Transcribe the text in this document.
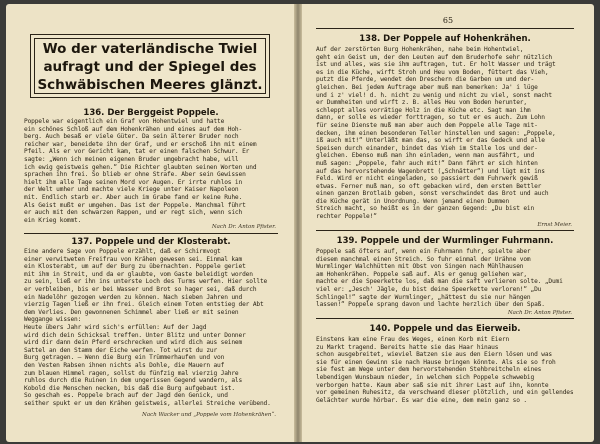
Wo der vaterländische Twiel
aufragt und der Spiegel des
Schwäbischen Meeres glänzt.
136. Der Berggeist Poppele.
Poppele war eigentlich ein Graf von Hohentwiel und hatte
ein schönes Schloß auf dem Hohenkrähen und eines auf dem Hoh-
berg. Auch besaß er viele Güter. Da sein älterer Bruder noch
reicher war, beneidete ihn der Graf, und er erschoß ihn mit einem
Pfeil. Als er vor Gericht kam, tat er einen falschen Schwur. Er
sagte: „Wenn ich meinen eigenen Bruder umgebracht habe, will
ich ewig geistweis gehen.“ Die Richter glaubten seinen Worten und
sprachen ihn frei. So blieb er ohne Strafe. Aber sein Gewissen
hielt ihm alle Tage seinen Mord vor Augen. Er irrte ruhlos in
der Welt umher und machte viele Kriege unter Kaiser Napoleon
mit. Endlich starb er. Aber auch im Grabe fand er keine Ruhe.
Als Geist mußt er umgehen. Das ist der Poppele. Manchmal führt
er auch mit den schwarzen Rappen, und er regt sich, wenn sich
ein Krieg kommt.
Nach Dr. Anton Pfister.
137. Poppele und der Klosterabt.
Eine andere Sage von Poppele erzählt, daß er Schirmvogt
einer verwitweten Freifrau von Krähen gewesen sei. Einmal kam
ein Klosterabt, um auf der Burg zu übernachten. Poppele geriet
mit ihm in Streit, und da er glaubte, vom Gaste beleidigt worden
zu sein, ließ er ihn ins unterste Loch des Turms werfen. Hier sollte
er verbleiben, bis er bei Wasser und Brot so hager sei, daß durch
ein Nadelöhr gezogen werden zu können. Nach sieben Jahren und
vierzig Tagen ließ er ihn frei. Gleich einem Toten entstieg der Abt
dem Verlies. Den gewonnenen Schimmel aber ließ er mit seinen
Weggange wissen:
Heute übers Jahr wird sich's erfüllen: Auf der Jagd
wird dich dein Schicksal treffen. Unter Blitz und unter Donner
wird dir dann dein Pferd erschrecken und wird dich aus seinem
Sattel an den Stamm der Eiche werfen. Tot wirst du zur
Burg getragen. — Wenn die Burg ein Trümmerhaufen und von
den Vesten Rabsen ihnen nichts als Dohle, die Mauern auf
zum blauen Himmel ragen, sollst du fünfzig mal vierzig Jahre
ruhlos durch die Ruinen in dem ungerissen Gegend wandern, als
Kobold die Menschen necken, bis daß die Burg aufgebaut ist.
So geschah es. Poppele brach auf der Jagd den Genick, und
seither spukt er um den Krähen geistweis, allerlei Streiche verübend.
Nach Wacker und „Poppele vom Hohenkrähen“.
65
138. Der Poppele auf Hohenkrähen.
Auf der zerstörten Burg Hohenkrähen, nahe beim Hohentwiel,
geht ein Geist um, der den Leuten auf dem Bruderhofe sehr nützlich
ist und alles, was sie ihm auftragen, tut. Er holt Wasser und trägt
es in die Küche, wirft Stroh und Heu vom Boden, füttert das Vieh,
putzt die Pferde, wendet den Dreschern die Garben um und der-
gleichen. Bei jedem Auftrage aber muß man bemerken: Ja' i lüge
und i z' viel! d. h. nicht zu wenig und nicht zu viel, sonst macht
er Dummheiten und wirft z. B. alles Heu vom Boden herunter,
schleppt alles vorrätige Holz in die Küche etc. Sagt man ihm
dann, er solle es wieder forttragen, so tut er es auch. Zum Lohn
für seine Dienste muß man aber auch dem Poppele alle Tage mit-
decken, ihm einen besonderen Teller hinstellen und sagen: „Poppele,
iß auch mit!“ Unterläßt man das, so wirft er das Gedeck und alle
Speisen durch einander, bindet das Vieh im Stalle los und der-
gleichen. Ebenso muß man ihn einladen, wenn man ausfährt, und
muß sagen: „Poppele, fahr auch mit!“ Dann fährt er sich hinten
auf das hervorstehende Wagenbrett („Schnätter“) und lügt mit ins
Feld. Wird er nicht eingeladen, so passiert dem Fuhrwerk gewiß
etwas. Ferner muß man, so oft gebacken wird, dem ersten Bettler
einen ganzen Brotlaib geben, sonst verschwindet das Brot und auch
die Küche gerät in Unordnung. Wenn jemand einen Dummen
Streich macht, so heißt es in der ganzen Gegend: „Du bist ein
rechter Poppele!“
Ernst Meier.
139. Poppele und der Wurmlinger Fuhrmann.
Poppele saß öfters auf, wenn ein Fuhrmann fuhr, spielte aber
diesem manchmal einen Streich. So fuhr einmal der Urähne vom
Wurmlinger Walchhütten mit Obst von Singen nach Mühlhausen
am Hohenkrähen. Poppele saß auf. Als er genug geliehen war,
machte er die Speerkette los, daß man die saft verlieren solte. „Dumi
viel er: „Jesch' Jägle, du bist deine Speerkette verloren!“ „Du
Schlingel!“ sagte der Wurmlinger, „hättest du sie nur hängen
lassen!“ Poppele sprang davon und lachte herzlich über den Spaß.
Nach Dr. Anton Pfister.
140. Poppele und das Eierweib.
Einstens kam eine Frau des Weges, einen Korb mit Eiern
zu Markt tragend. Bereits hatte sie das Haar hinaus
schon ausgebreitet, wieviel Batzen sie aus den Eiern lösen und was
sie für einen Gewinn sie nach Hause bringen könnte. Als sie so froh
sie fest am Wege unter dem hervorstehenden Stehbreitcheln eines
lebendigen Wunsbaum nieder, in welchem sich Poppele schwwebig
verborgen hatte. Kaum aber saß sie mit ihrer Last auf ihn, konnte
vor gemeinen Ruhesitz, da verschwand dieser plötzlich, und ein gellendes
Gelächter wurde hörbar. Es war die eine, dem mein ganz so .
